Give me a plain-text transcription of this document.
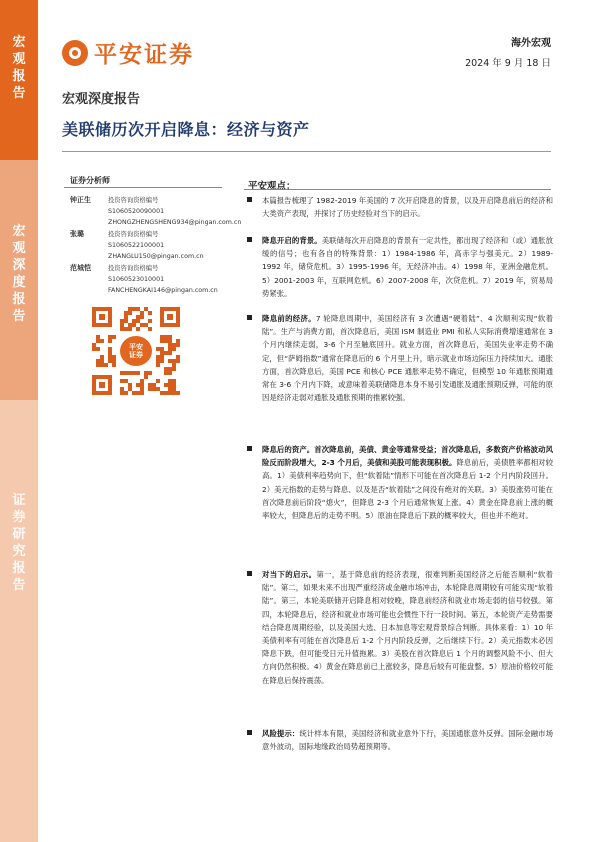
宏观报告
宏观深度报告
证券研究报告
平安证券	海外宏观
2024 年 9 月 18 日
宏观深度报告
美联储历次开启降息：经济与资产
证券分析师
钟正生	投资咨询资格编号
S1060520090001
ZHONGZHENGSHENG934@pingan.com.cn
张璐	投资咨询资格编号
S1060522100001
ZHANGLU150@pingan.com.cn
范城恺	投资咨询资格编号
S1060523010001
FANCHENGKAI146@pingan.com.cn
平安
证券
平安观点：

本篇报告梳理了 1982-2019 年美国的 7 次开启降息的背景，以及开启降息前后的经济和大类资产表现，并探讨了历史经验对当下的启示。

降息开启的背景。美联储每次开启降息的背景有一定共性，都出现了经济和（或）通胀放缓的信号；也有各自的特殊背景：1）1984-1986 年，高赤字与强美元。2）1989-1992 年，储贷危机。3）1995-1996 年，无经济冲击。4）1998 年，亚洲金融危机。5）2001-2003 年，互联网危机。6）2007-2008 年，次贷危机。7）2019 年，贸易局势紧张。

降息前的经济。7 轮降息周期中，美国经济有 3 次遭遇“硬着陆”、4 次顺利实现“软着陆”。生产与消费方面，首次降息后，美国 ISM 制造业 PMI 和私人实际消费增速通常在 3 个月内继续走弱，3-6 个月至触底回升。就业方面，首次降息后，美国失业率走势不确定，但“萨姆指数”通常在降息后的 6 个月里上升，暗示就业市场边际压力持续加大。通胀方面，首次降息后，美国 PCE 和核心 PCE 通胀率走势不确定，但模型 10 年通胀预期通常在 3-6 个月内下降，或意味着美联储降息本身不易引发通胀及通胀预期反弹，可能的原因是经济走弱对通胀及通胀预期的推累较强。

降息后的资产。首次降息前，美债、黄金等通常受益；首次降息后，多数资产价格波动风险反而阶段增大，2-3 个月后，美债和美股可能表现积极。降息前后，美债胜率都相对较高。1）美债利率趋势向下，但“软着陆”情形下可能在首次降息后 1-2 个月内阶段回升。2）美元指数的走势与降息、以及是否“软着陆”之间没有绝对的关联。3）美股涨势可能在首次降息前后阶段“熄火”，但降息 2-3 个月后通常恢复上涨。4）黄金在降息前上涨的概率较大，但降息后的走势不明。5）原油在降息后下跌的概率较大，但也并不绝对。

对当下的启示。第一，基于降息前的经济表现，很难判断美国经济之后能否顺利“软着陆”。第二，如果未来不出现严重经济或金融市场冲击，本轮降息周期较有可能实现“软着陆”。第三，本轮美联储开启降息相对较晚，降息前经济和就业市场走弱的信号较强。第四，本轮降息后，经济和就业市场可能也会惯性下行一段时间。第五，本轮资产走势需要结合降息周期经验，以及美国大选、日本加息等宏观背景综合判断。具体来看：1）10 年美债利率有可能在首次降息后 1-2 个月内阶段反弹，之后继续下行。2）美元指数未必因降息下跌，但可能受日元升值拖累。3）美股在首次降息后 1 个月的调整风险不小、但大方向仍然积极。4）黄金在降息前已上涨较多，降息后较有可能盘整。5）原油价格较可能在降息后保持震荡。

风险提示：统计样本有限，美国经济和就业意外下行，美国通胀意外反弹。国际金融市场意外波动，国际地缘政治局势超预期等。
